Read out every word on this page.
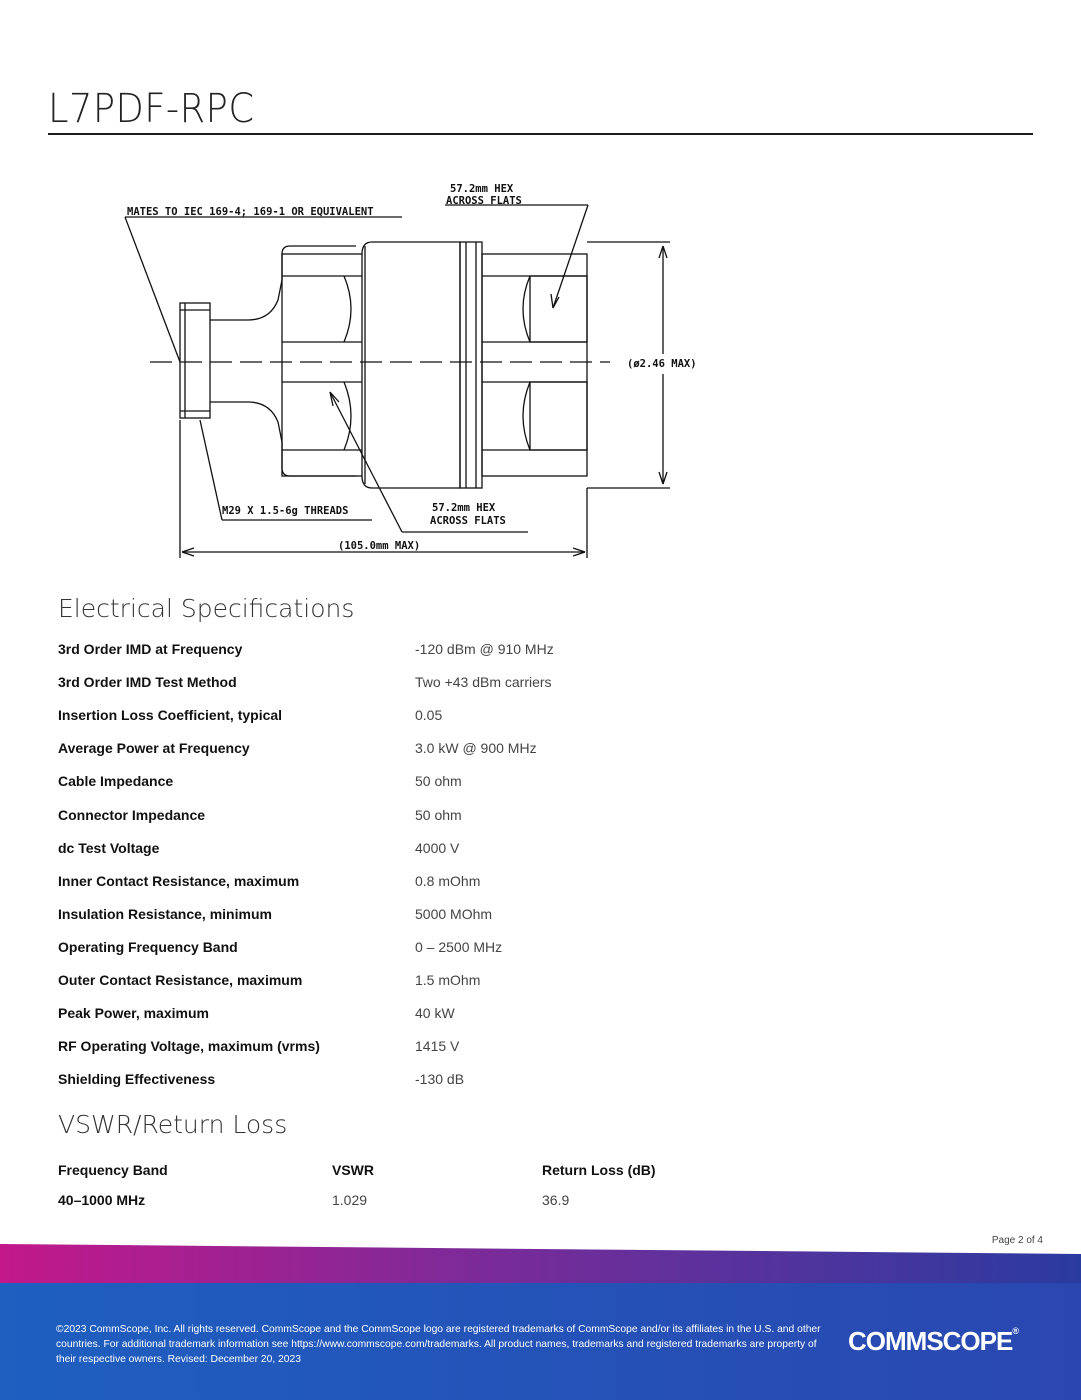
L7PDF-RPC
MATES TO IEC 169-4; 169-1 OR EQUIVALENT
57.2mm HEX
ACROSS FLATS
(ø2.46 MAX)
M29 X 1.5-6g THREADS	57.2mm HEX
ACROSS FLATS
(105.0mm MAX)
Electrical Specifications
3rd Order IMD at Frequency	-120 dBm @ 910 MHz
3rd Order IMD Test Method	Two +43 dBm carriers
Insertion Loss Coefficient, typical	0.05
Average Power at Frequency	3.0 kW @ 900 MHz
Cable Impedance	50 ohm
Connector Impedance	50 ohm
dc Test Voltage	4000 V
Inner Contact Resistance, maximum	0.8 mOhm
Insulation Resistance, minimum	5000 MOhm
Operating Frequency Band	0 – 2500 MHz
Outer Contact Resistance, maximum	1.5 mOhm
Peak Power, maximum	40 kW
RF Operating Voltage, maximum (vrms)	1415 V
Shielding Effectiveness	-130 dB
VSWR/Return Loss
Frequency Band	VSWR	Return Loss (dB)
40–1000 MHz	1.029	36.9
Page 2 of 4
©2023 CommScope, Inc. All rights reserved. CommScope and the CommScope logo are registered trademarks of CommScope and/or its affiliates in the U.S. and other countries. For additional trademark information see https://www.commscope.com/trademarks. All product names, trademarks and registered trademarks are property of their respective owners. Revised: December 20, 2023
COMMSCOPE®
